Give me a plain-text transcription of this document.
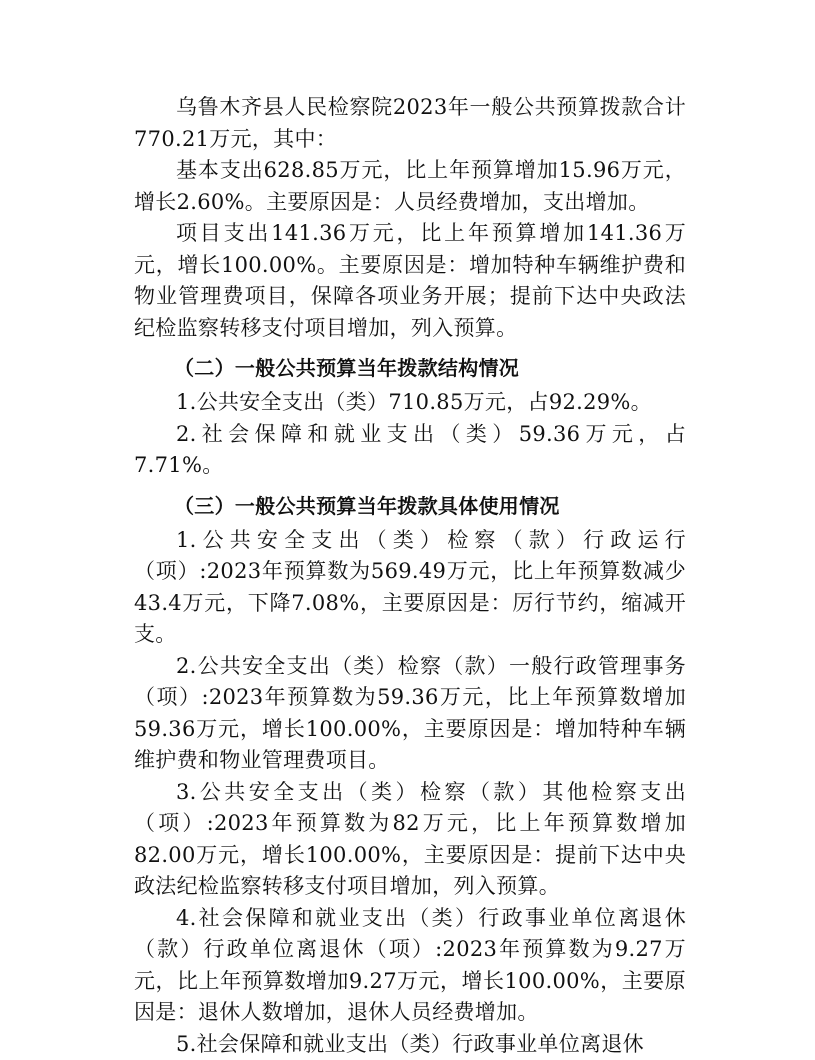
乌鲁木齐县人民检察院2023年一般公共预算拨款合计770.21万元，其中：

基本支出628.85万元，比上年预算增加15.96万元，增长2.60%。主要原因是：人员经费增加，支出增加。

项目支出141.36万元，比上年预算增加141.36万元，增长100.00%。主要原因是：增加特种车辆维护费和物业管理费项目，保障各项业务开展；提前下达中央政法纪检监察转移支付项目增加，列入预算。

（二）一般公共预算当年拨款结构情况

1.公共安全支出（类）710.85万元，占92.29%。

2.社会保障和就业支出（类）59.36万元，占7.71%。

（三）一般公共预算当年拨款具体使用情况

1.公共安全支出（类）检察（款）行政运行（项）:2023年预算数为569.49万元，比上年预算数减少43.4万元，下降7.08%，主要原因是：厉行节约，缩减开支。

2.公共安全支出（类）检察（款）一般行政管理事务（项）:2023年预算数为59.36万元，比上年预算数增加59.36万元，增长100.00%，主要原因是：增加特种车辆维护费和物业管理费项目。

3.公共安全支出（类）检察（款）其他检察支出（项）:2023年预算数为82万元，比上年预算数增加82.00万元，增长100.00%，主要原因是：提前下达中央政法纪检监察转移支付项目增加，列入预算。

4.社会保障和就业支出（类）行政事业单位离退休（款）行政单位离退休（项）:2023年预算数为9.27万元，比上年预算数增加9.27万元，增长100.00%，主要原因是：退休人数增加，退休人员经费增加。

5.社会保障和就业支出（类）行政事业单位离退休
